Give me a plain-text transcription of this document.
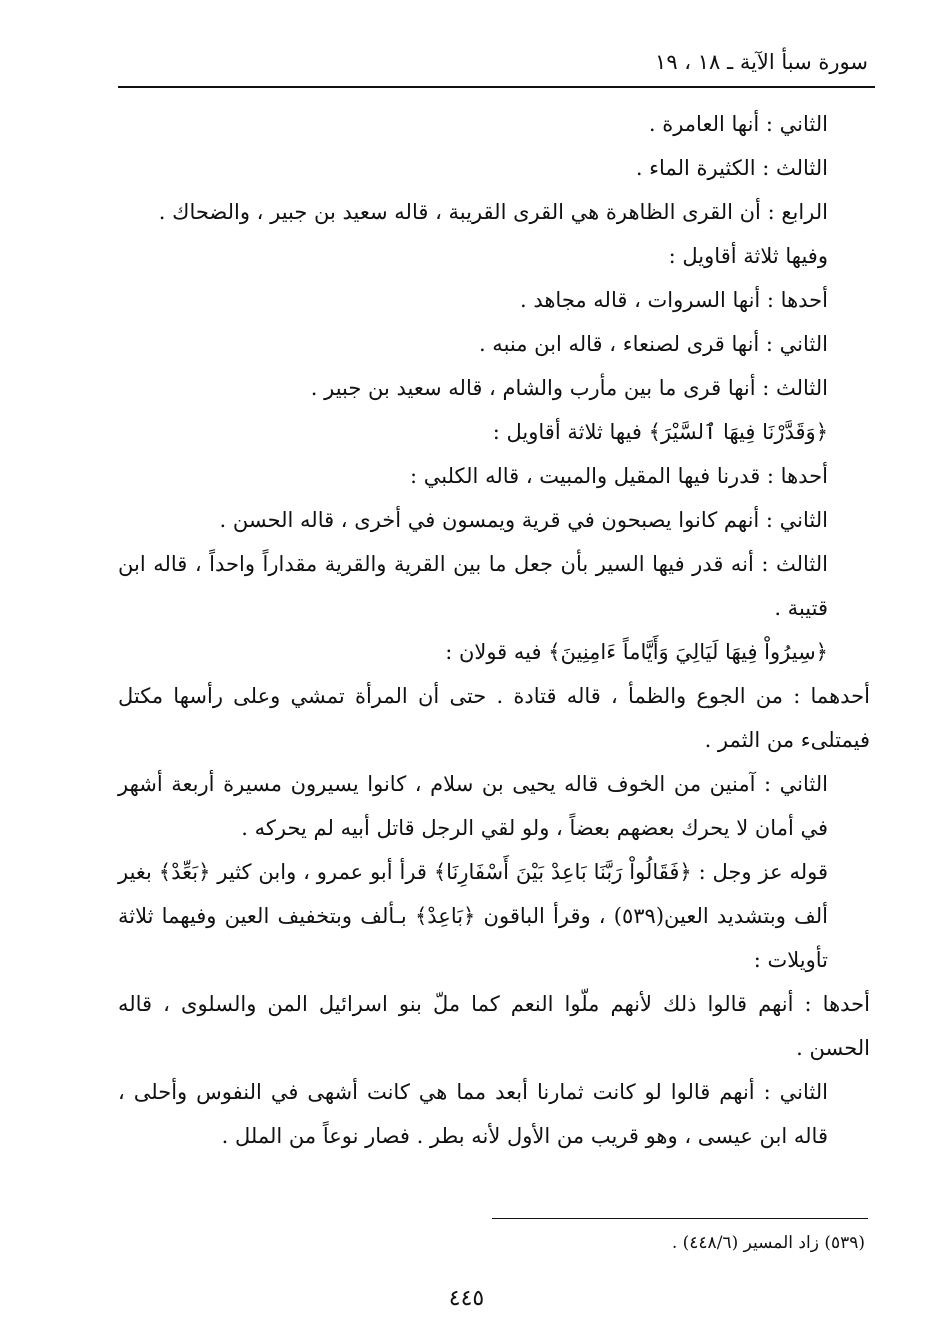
سورة سبأ الآية ـ ١٨ ، ١٩

الثاني : أنها العامرة .

الثالث : الكثيرة الماء .

الرابع : أن القرى الظاهرة هي القرى القريبة ، قاله سعيد بن جبير ، والضحاك .

وفيها ثلاثة أقاويل :

أحدها : أنها السروات ، قاله مجاهد .

الثاني : أنها قرى لصنعاء ، قاله ابن منبه .

الثالث : أنها قرى ما بين مأرب والشام ، قاله سعيد بن جبير .

﴿وَقَدَّرْنَا فِيهَا ٱلسَّيْرَ﴾ فيها ثلاثة أقاويل :

أحدها : قدرنا فيها المقيل والمبيت ، قاله الكلبي :

الثاني : أنهم كانوا يصبحون في قرية ويمسون في أخرى ، قاله الحسن .

الثالث : أنه قدر فيها السير بأن جعل ما بين القرية والقرية مقداراً واحداً ، قاله ابن قتيبة .

﴿سِيرُواْ فِيهَا لَيَالِيَ وَأَيَّاماً ءَامِنِينَ﴾ فيه قولان :

أحدهما : من الجوع والظمأ ، قاله قتادة . حتى أن المرأة تمشي وعلى رأسها مكتل فيمتلىء من الثمر .

الثاني : آمنين من الخوف قاله يحيى بن سلام ، كانوا يسيرون مسيرة أربعة أشهر في أمان لا يحرك بعضهم بعضاً ، ولو لقي الرجل قاتل أبيه لم يحركه .

قوله عز وجل : ﴿فَقَالُواْ رَبَّنَا بَاعِدْ بَيْنَ أَسْفَارِنَا﴾ قرأ أبو عمرو ، وابن كثير ﴿بَعِّدْ﴾ بغير ألف وبتشديد العين(٥٣٩) ، وقرأ الباقون ﴿بَاعِدْ﴾ بـألف وبتخفيف العين وفيهما ثلاثة تأويلات :

أحدها : أنهم قالوا ذلك لأنهم ملّوا النعم كما ملّ بنو اسرائيل المن والسلوى ، قاله الحسن .

الثاني : أنهم قالوا لو كانت ثمارنا أبعد مما هي كانت أشهى في النفوس وأحلى ، قاله ابن عيسى ، وهو قريب من الأول لأنه بطر . فصار نوعاً من الملل .

(٥٣٩) زاد المسير (٤٤٨/٦) .
٤٤٥
